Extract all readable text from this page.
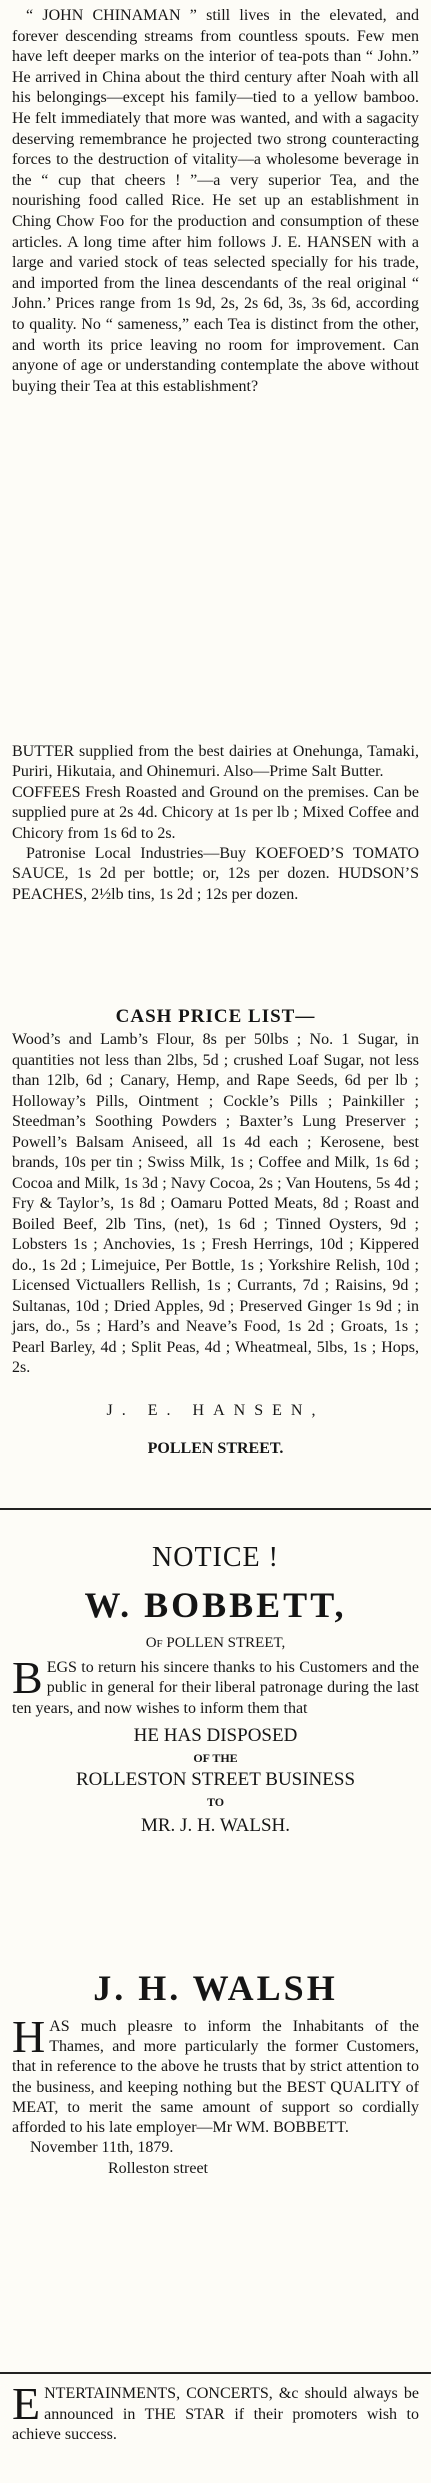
“ JOHN CHINAMAN ” still lives in the elevated, and forever descending streams from countless spouts. Few men have left deeper marks on the interior of tea-pots than “ John.” He arrived in China about the third century after Noah with all his belongings—except his family—tied to a yellow bamboo. He felt immediately that more was wanted, and with a sagacity deserving remembrance he projected two strong counteracting forces to the destruction of vitality—a wholesome beverage in the “ cup that cheers ! ”—a very superior Tea, and the nourishing food called Rice. He set up an establishment in Ching Chow Foo for the production and consumption of these articles. A long time after him follows J. E. HANSEN with a large and varied stock of teas selected specially for his trade, and imported from the linea descendants of the real original “ John.’ Prices range from 1s 9d, 2s, 2s 6d, 3s, 3s 6d, according to quality. No “ sameness,” each Tea is distinct from the other, and worth its price leaving no room for improvement. Can anyone of age or understanding contemplate the above without buying their Tea at this establishment?

BUTTER supplied from the best dairies at Onehunga, Tamaki, Puriri, Hikutaia, and Ohinemuri. Also—Prime Salt Butter.

COFFEES Fresh Roasted and Ground on the premises. Can be supplied pure at 2s 4d. Chicory at 1s per lb ; Mixed Coffee and Chicory from 1s 6d to 2s.

Patronise Local Industries—Buy KOEFOED’S TOMATO SAUCE, 1s 2d per bottle; or, 12s per dozen. HUDSON’S PEACHES, 2½lb tins, 1s 2d ; 12s per dozen.

CASH PRICE LIST—

Wood’s and Lamb’s Flour, 8s per 50lbs ; No. 1 Sugar, in quantities not less than 2lbs, 5d ; crushed Loaf Sugar, not less than 12lb, 6d ; Canary, Hemp, and Rape Seeds, 6d per lb ; Holloway’s Pills, Ointment ; Cockle’s Pills ; Painkiller ; Steedman’s Soothing Powders ; Baxter’s Lung Preserver ; Powell’s Balsam Aniseed, all 1s 4d each ; Kerosene, best brands, 10s per tin ; Swiss Milk, 1s ; Coffee and Milk, 1s 6d ; Cocoa and Milk, 1s 3d ; Navy Cocoa, 2s ; Van Houtens, 5s 4d ; Fry & Taylor’s, 1s 8d ; Oamaru Potted Meats, 8d ; Roast and Boiled Beef, 2lb Tins, (net), 1s 6d ; Tinned Oysters, 9d ; Lobsters 1s ; Anchovies, 1s ; Fresh Herrings, 10d ; Kippered do., 1s 2d ; Limejuice, Per Bottle, 1s ; Yorkshire Relish, 10d ; Licensed Victuallers Rellish, 1s ; Currants, 7d ; Raisins, 9d ; Sultanas, 10d ; Dried Apples, 9d ; Preserved Ginger 1s 9d ; in jars, do., 5s ; Hard’s and Neave’s Food, 1s 2d ; Groats, 1s ; Pearl Barley, 4d ; Split Peas, 4d ; Wheatmeal, 5lbs, 1s ; Hops, 2s.

J. E. HANSEN,
POLLEN STREET.
NOTICE !
W. BOBBETT,
Of POLLEN STREET,
B EGS to return his sincere thanks to his Customers and the public in general for their liberal patronage during the last ten years, and now wishes to inform them that

HE HAS DISPOSED
OF THE
ROLLESTON STREET BUSINESS
TO
MR. J. H. WALSH.
J. H. WALSH
H AS much pleasre to inform the Inhabitants of the Thames, and more particularly the former Customers, that in reference to the above he trusts that by strict attention to the business, and keeping nothing but the BEST QUALITY of MEAT, to merit the same amount of support so cordially afforded to his late employer—Mr WM. BOBBETT.

November 11th, 1879.
Rolleston street
E NTERTAINMENTS, CONCERTS, &c should always be announced in THE STAR if their promoters wish to achieve success.
